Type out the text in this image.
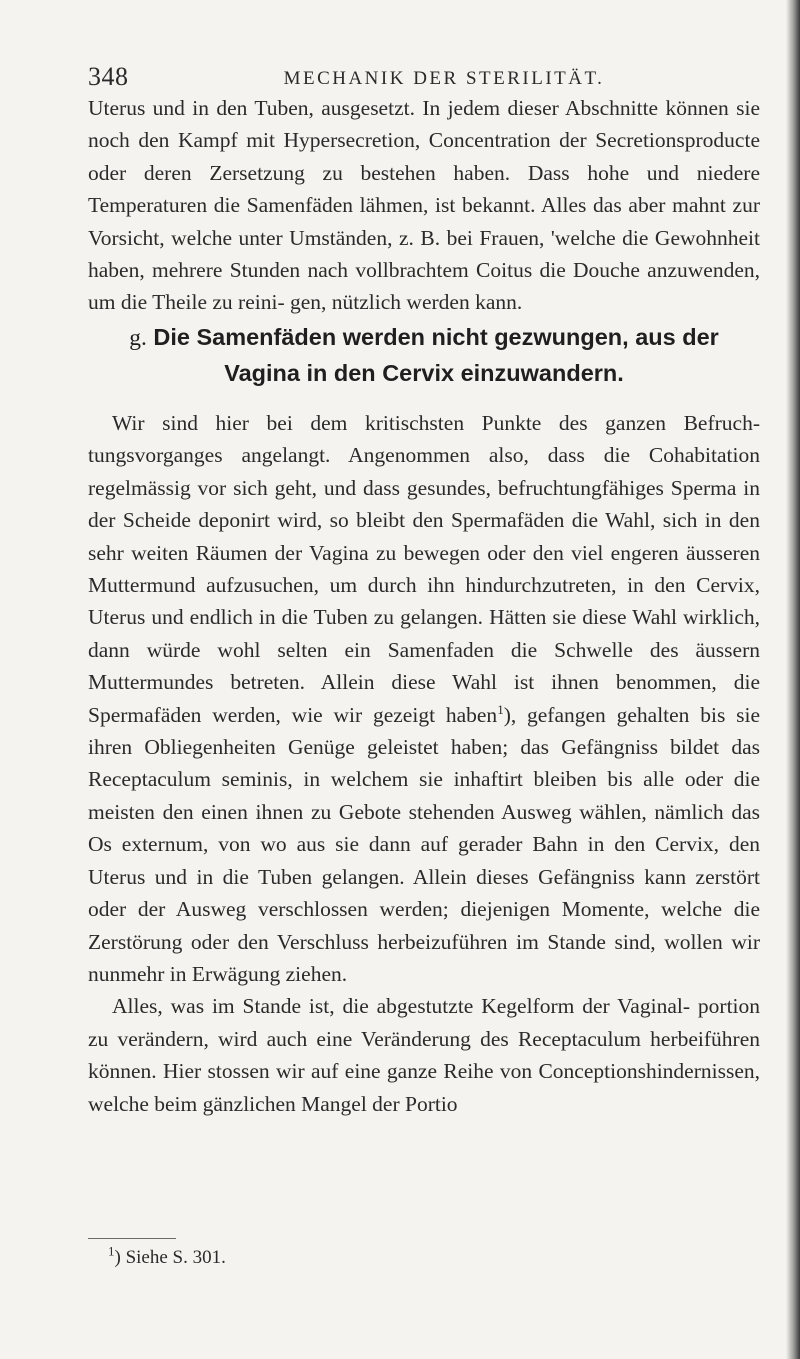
348	MECHANIK DER STERILITÄT.

Uterus und in den Tuben, ausgesetzt. In jedem dieser Abschnitte können sie noch den Kampf mit Hypersecretion, Concentration der Secretionsproducte oder deren Zersetzung zu bestehen haben. Dass hohe und niedere Temperaturen die Samenfäden lähmen, ist bekannt. Alles das aber mahnt zur Vorsicht, welche unter Umständen, z. B. bei Frauen, 'welche die Gewohnheit haben, mehrere Stunden nach vollbrachtem Coitus die Douche anzuwenden, um die Theile zu reini- gen, nützlich werden kann.

g. Die Samenfäden werden nicht gezwungen, aus der
Vagina in den Cervix einzuwandern.

Wir sind hier bei dem kritischsten Punkte des ganzen Befruch- tungsvorganges angelangt. Angenommen also, dass die Cohabitation regelmässig vor sich geht, und dass gesundes, befruchtungfähiges Sperma in der Scheide deponirt wird, so bleibt den Spermafäden die Wahl, sich in den sehr weiten Räumen der Vagina zu bewegen oder den viel engeren äusseren Muttermund aufzusuchen, um durch ihn hindurchzutreten, in den Cervix, Uterus und endlich in die Tuben zu gelangen. Hätten sie diese Wahl wirklich, dann würde wohl selten ein Samenfaden die Schwelle des äussern Muttermundes betreten. Allein diese Wahl ist ihnen benommen, die Spermafäden werden, wie wir gezeigt haben$^1$), gefangen gehalten bis sie ihren Obliegenheiten Genüge geleistet haben; das Gefängniss bildet das Receptaculum seminis, in welchem sie inhaftirt bleiben bis alle oder die meisten den einen ihnen zu Gebote stehenden Ausweg wählen, nämlich das Os externum, von wo aus sie dann auf gerader Bahn in den Cervix, den Uterus und in die Tuben gelangen. Allein dieses Gefängniss kann zerstört oder der Ausweg verschlossen werden; diejenigen Momente, welche die Zerstörung oder den Verschluss herbeizuführen im Stande sind, wollen wir nunmehr in Erwägung ziehen.

Alles, was im Stande ist, die abgestutzte Kegelform der Vaginal- portion zu verändern, wird auch eine Veränderung des Receptaculum herbeiführen können. Hier stossen wir auf eine ganze Reihe von Conceptionshindernissen, welche beim gänzlichen Mangel der Portio

$^1$) Siehe S. 301.
